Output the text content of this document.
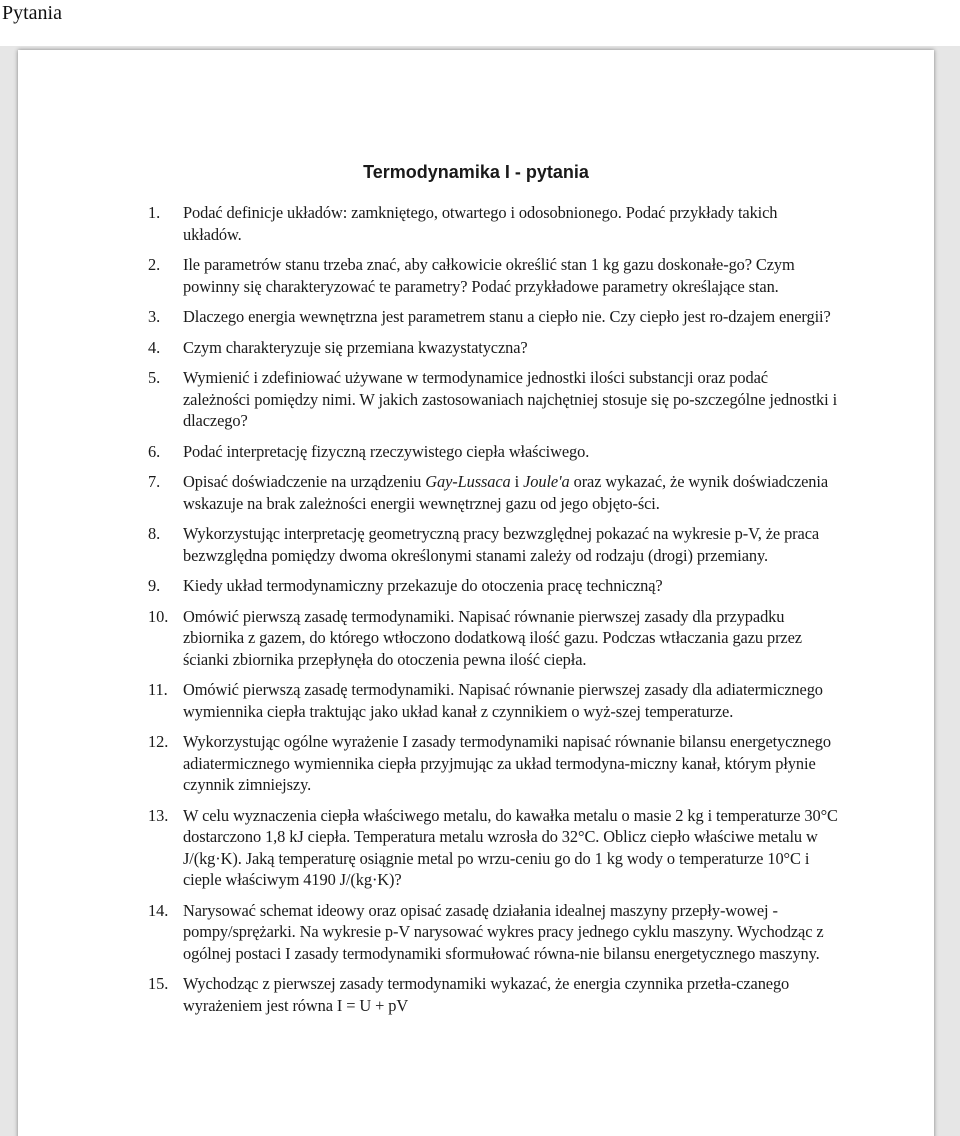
Pytania
Termodynamika I - pytania
1.	Podać definicje układów: zamkniętego, otwartego i odosobnionego. Podać przykłady takich układów.
2.	Ile parametrów stanu trzeba znać, aby całkowicie określić stan 1 kg gazu doskonałe-go? Czym powinny się charakteryzować te parametry? Podać przykładowe parametry określające stan.
3.	Dlaczego energia wewnętrzna jest parametrem stanu a ciepło nie. Czy ciepło jest ro-dzajem energii?
4.	Czym charakteryzuje się przemiana kwazystatyczna?
5.	Wymienić i zdefiniować używane w termodynamice jednostki ilości substancji oraz podać zależności pomiędzy nimi. W jakich zastosowaniach najchętniej stosuje się po-szczególne jednostki i dlaczego?
6.	Podać interpretację fizyczną rzeczywistego ciepła właściwego.
7.	Opisać doświadczenie na urządzeniu Gay-Lussaca i Joule'a oraz wykazać, że wynik doświadczenia wskazuje na brak zależności energii wewnętrznej gazu od jego objęto-ści.
8.	Wykorzystując interpretację geometryczną pracy bezwzględnej pokazać na wykresie p-V, że praca bezwzględna pomiędzy dwoma określonymi stanami zależy od rodzaju (drogi) przemiany.
9.	Kiedy układ termodynamiczny przekazuje do otoczenia pracę techniczną?
10. Omówić pierwszą zasadę termodynamiki. Napisać równanie pierwszej zasady dla przypadku zbiornika z gazem, do którego wtłoczono dodatkową ilość gazu. Podczas wtłaczania gazu przez ścianki zbiornika przepłynęła do otoczenia pewna ilość ciepła.
11. Omówić pierwszą zasadę termodynamiki. Napisać równanie pierwszej zasady dla adiatermicznego wymiennika ciepła traktując jako układ kanał z czynnikiem o wyż-szej temperaturze.
12. Wykorzystując ogólne wyrażenie I zasady termodynamiki napisać równanie bilansu energetycznego adiatermicznego wymiennika ciepła przyjmując za układ termodyna-miczny kanał, którym płynie czynnik zimniejszy.
13. W celu wyznaczenia ciepła właściwego metalu, do kawałka metalu o masie 2 kg i temperaturze 30°C dostarczono 1,8 kJ ciepła. Temperatura metalu wzrosła do 32°C. Oblicz ciepło właściwe metalu w J/(kg·K). Jaką temperaturę osiągnie metal po wrzu-ceniu go do 1 kg wody o temperaturze 10°C i cieple właściwym 4190 J/(kg·K)?
14. Narysować schemat ideowy oraz opisać zasadę działania idealnej maszyny przepły-wowej - pompy/sprężarki. Na wykresie p-V narysować wykres pracy jednego cyklu maszyny. Wychodząc z ogólnej postaci I zasady termodynamiki sformułować równa-nie bilansu energetycznego maszyny.
15. Wychodząc z pierwszej zasady termodynamiki wykazać, że energia czynnika przetła-czanego wyrażeniem jest równa I = U + pV
